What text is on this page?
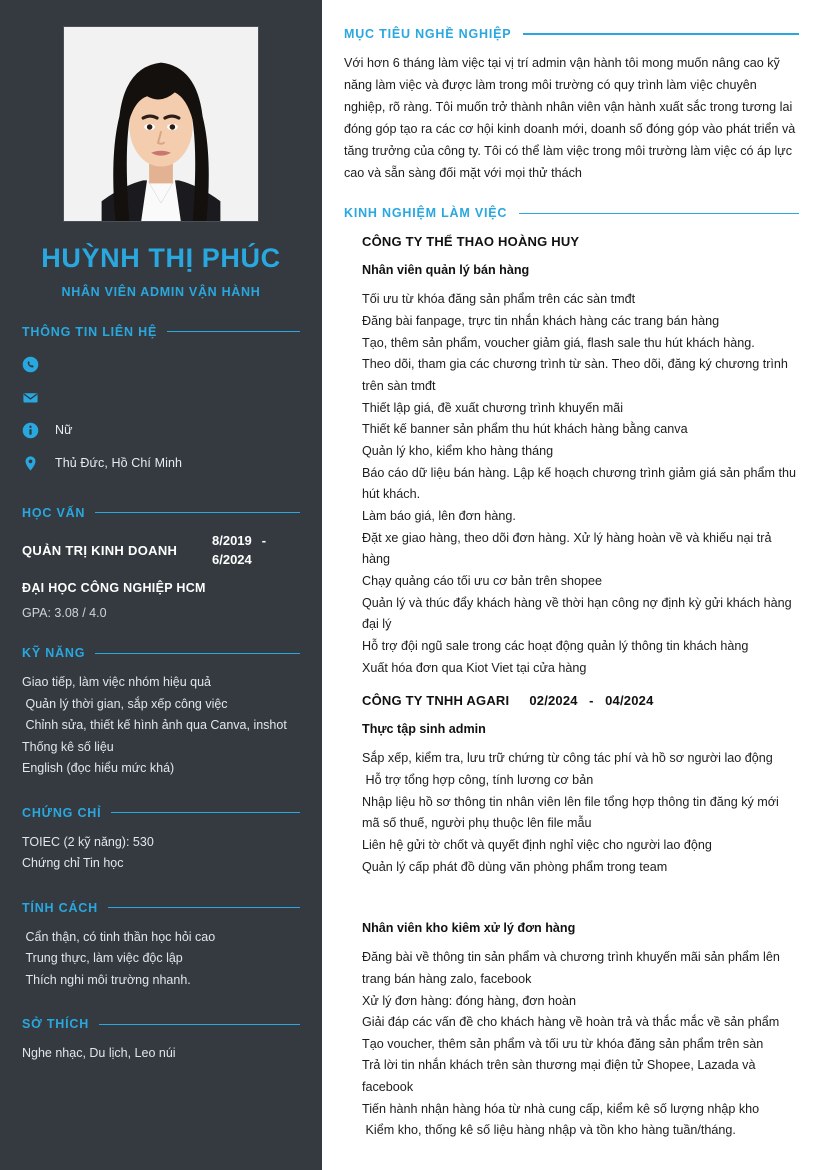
HUỲNH THỊ PHÚC
NHÂN VIÊN ADMIN VẬN HÀNH
THÔNG TIN LIÊN HỆ
Nữ
Thủ Đức, Hồ Chí Minh
HỌC VẤN
QUẢN TRỊ KINH DOANH
8/2019 -
6/2024
ĐẠI HỌC CÔNG NGHIỆP HCM
GPA: 3.08 / 4.0
KỸ NĂNG
Giao tiếp, làm việc nhóm hiệu quả
Quản lý thời gian, sắp xếp công việc
Chỉnh sửa, thiết kế hình ảnh qua Canva, inshot
Thống kê số liệu
English (đọc hiểu mức khá)
CHỨNG CHỈ
TOIEC (2 kỹ năng): 530
Chứng chỉ Tin học
TÍNH CÁCH
Cẩn thận, có tinh thần học hỏi cao
Trung thực, làm việc độc lập
Thích nghi môi trường nhanh.
SỞ THÍCH
Nghe nhạc, Du lịch, Leo núi
MỤC TIÊU NGHỀ NGHIỆP

Với hơn 6 tháng làm việc tại vị trí admin vận hành tôi mong muốn nâng cao kỹ năng làm việc và được làm trong môi trường có quy trình làm việc chuyên nghiệp, rõ ràng. Tôi muốn trở thành nhân viên vận hành xuất sắc trong tương lai đóng góp tạo ra các cơ hội kinh doanh mới, doanh số đóng góp vào phát triển và tăng trưởng của công ty. Tôi có thể làm việc trong môi trường làm việc có áp lực cao và sẵn sàng đối mặt với mọi thử thách

KINH NGHIỆM LÀM VIỆC
CÔNG TY THỂ THAO HOÀNG HUY

Nhân viên quản lý bán hàng
Tối ưu từ khóa đăng sản phẩm trên các sàn tmđt
Đăng bài fanpage, trực tin nhắn khách hàng các trang bán hàng
Tạo, thêm sản phẩm, voucher giảm giá, flash sale thu hút khách hàng.
Theo dõi, tham gia các chương trình từ sàn. Theo dõi, đăng ký chương trình trên sàn tmđt
Thiết lập giá, đề xuất chương trình khuyến mãi
Thiết kế banner sản phẩm thu hút khách hàng bằng canva
Quản lý kho, kiểm kho hàng tháng
Báo cáo dữ liệu bán hàng. Lập kế hoạch chương trình giảm giá sản phẩm thu hút khách.
Làm báo giá, lên đơn hàng.
Đặt xe giao hàng, theo dõi đơn hàng. Xử lý hàng hoàn về và khiếu nại trả hàng
Chạy quảng cáo tối ưu cơ bản trên shopee
Quản lý và thúc đẩy khách hàng về thời hạn công nợ định kỳ gửi khách hàng đại lý
Hỗ trợ đội ngũ sale trong các hoạt động quản lý thông tin khách hàng
Xuất hóa đơn qua Kiot Viet tại cửa hàng
CÔNG TY TNHH AGARI 02/2024   -   04/2024
Thực tập sinh admin
Sắp xếp, kiểm tra, lưu trữ chứng từ công tác phí và hồ sơ người lao động
Hỗ trợ tổng hợp công, tính lương cơ bản
Nhập liệu hồ sơ thông tin nhân viên lên file tổng hợp thông tin đăng ký mới mã số thuế, người phụ thuộc lên file mẫu
Liên hệ gửi tờ chốt và quyết định nghỉ việc cho người lao động
Quản lý cấp phát đồ dùng văn phòng phẩm trong team

Nhân viên kho kiêm xử lý đơn hàng
Đăng bài về thông tin sản phẩm và chương trình khuyến mãi sản phẩm lên trang bán hàng zalo, facebook
Xử lý đơn hàng: đóng hàng, đơn hoàn
Giải đáp các vấn đề cho khách hàng về hoàn trả và thắc mắc về sản phẩm
Tạo voucher, thêm sản phẩm và tối ưu từ khóa đăng sản phẩm trên sàn
Trả lời tin nhắn khách trên sàn thương mại điện tử Shopee, Lazada và facebook
Tiến hành nhận hàng hóa từ nhà cung cấp, kiểm kê số lượng nhập kho
Kiểm kho, thống kê số liệu hàng nhập và tồn kho hàng tuần/tháng.
